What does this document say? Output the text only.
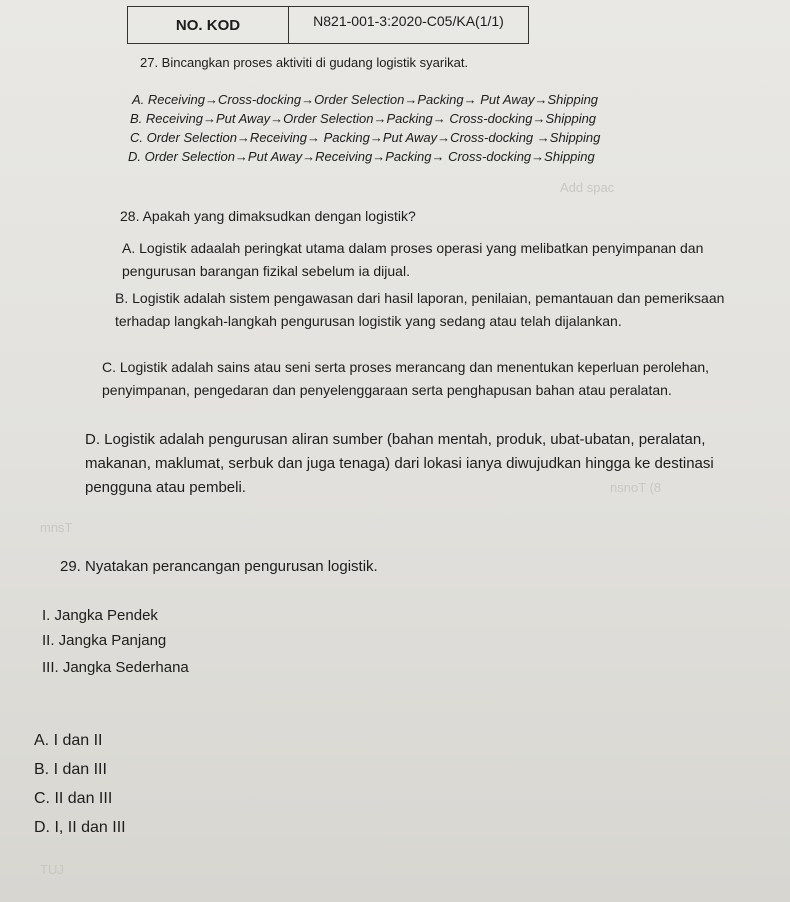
Add spac
nsnoT (8
mnsT
TUJ
NO. KOD	N821-001-3:2020-C05/KA(1/1)
27. Bincangkan proses aktiviti di gudang logistik syarikat.
A. Receiving→Cross-docking→Order Selection→Packing→ Put Away→Shipping
B. Receiving→Put Away→Order Selection→Packing→ Cross-docking→Shipping
C. Order Selection→Receiving→ Packing→Put Away→Cross-docking →Shipping
D. Order Selection→Put Away→Receiving→Packing→ Cross-docking→Shipping
28. Apakah yang dimaksudkan dengan logistik?
A. Logistik adaalah peringkat utama dalam proses operasi yang melibatkan penyimpanan dan pengurusan barangan fizikal sebelum ia dijual.
B. Logistik adalah sistem pengawasan dari hasil laporan, penilaian, pemantauan dan pemeriksaan terhadap langkah-langkah pengurusan logistik yang sedang atau telah dijalankan.
C. Logistik adalah sains atau seni serta proses merancang dan menentukan keperluan perolehan, penyimpanan, pengedaran dan penyelenggaraan serta penghapusan bahan atau peralatan.
D. Logistik adalah pengurusan aliran sumber (bahan mentah, produk, ubat-ubatan, peralatan, makanan, maklumat, serbuk dan juga tenaga) dari lokasi ianya diwujudkan hingga ke destinasi pengguna atau pembeli.
29. Nyatakan perancangan pengurusan logistik.
I. Jangka Pendek
II. Jangka Panjang
III. Jangka Sederhana
A. I dan II
B. I dan III
C. II dan III
D. I, II dan III
